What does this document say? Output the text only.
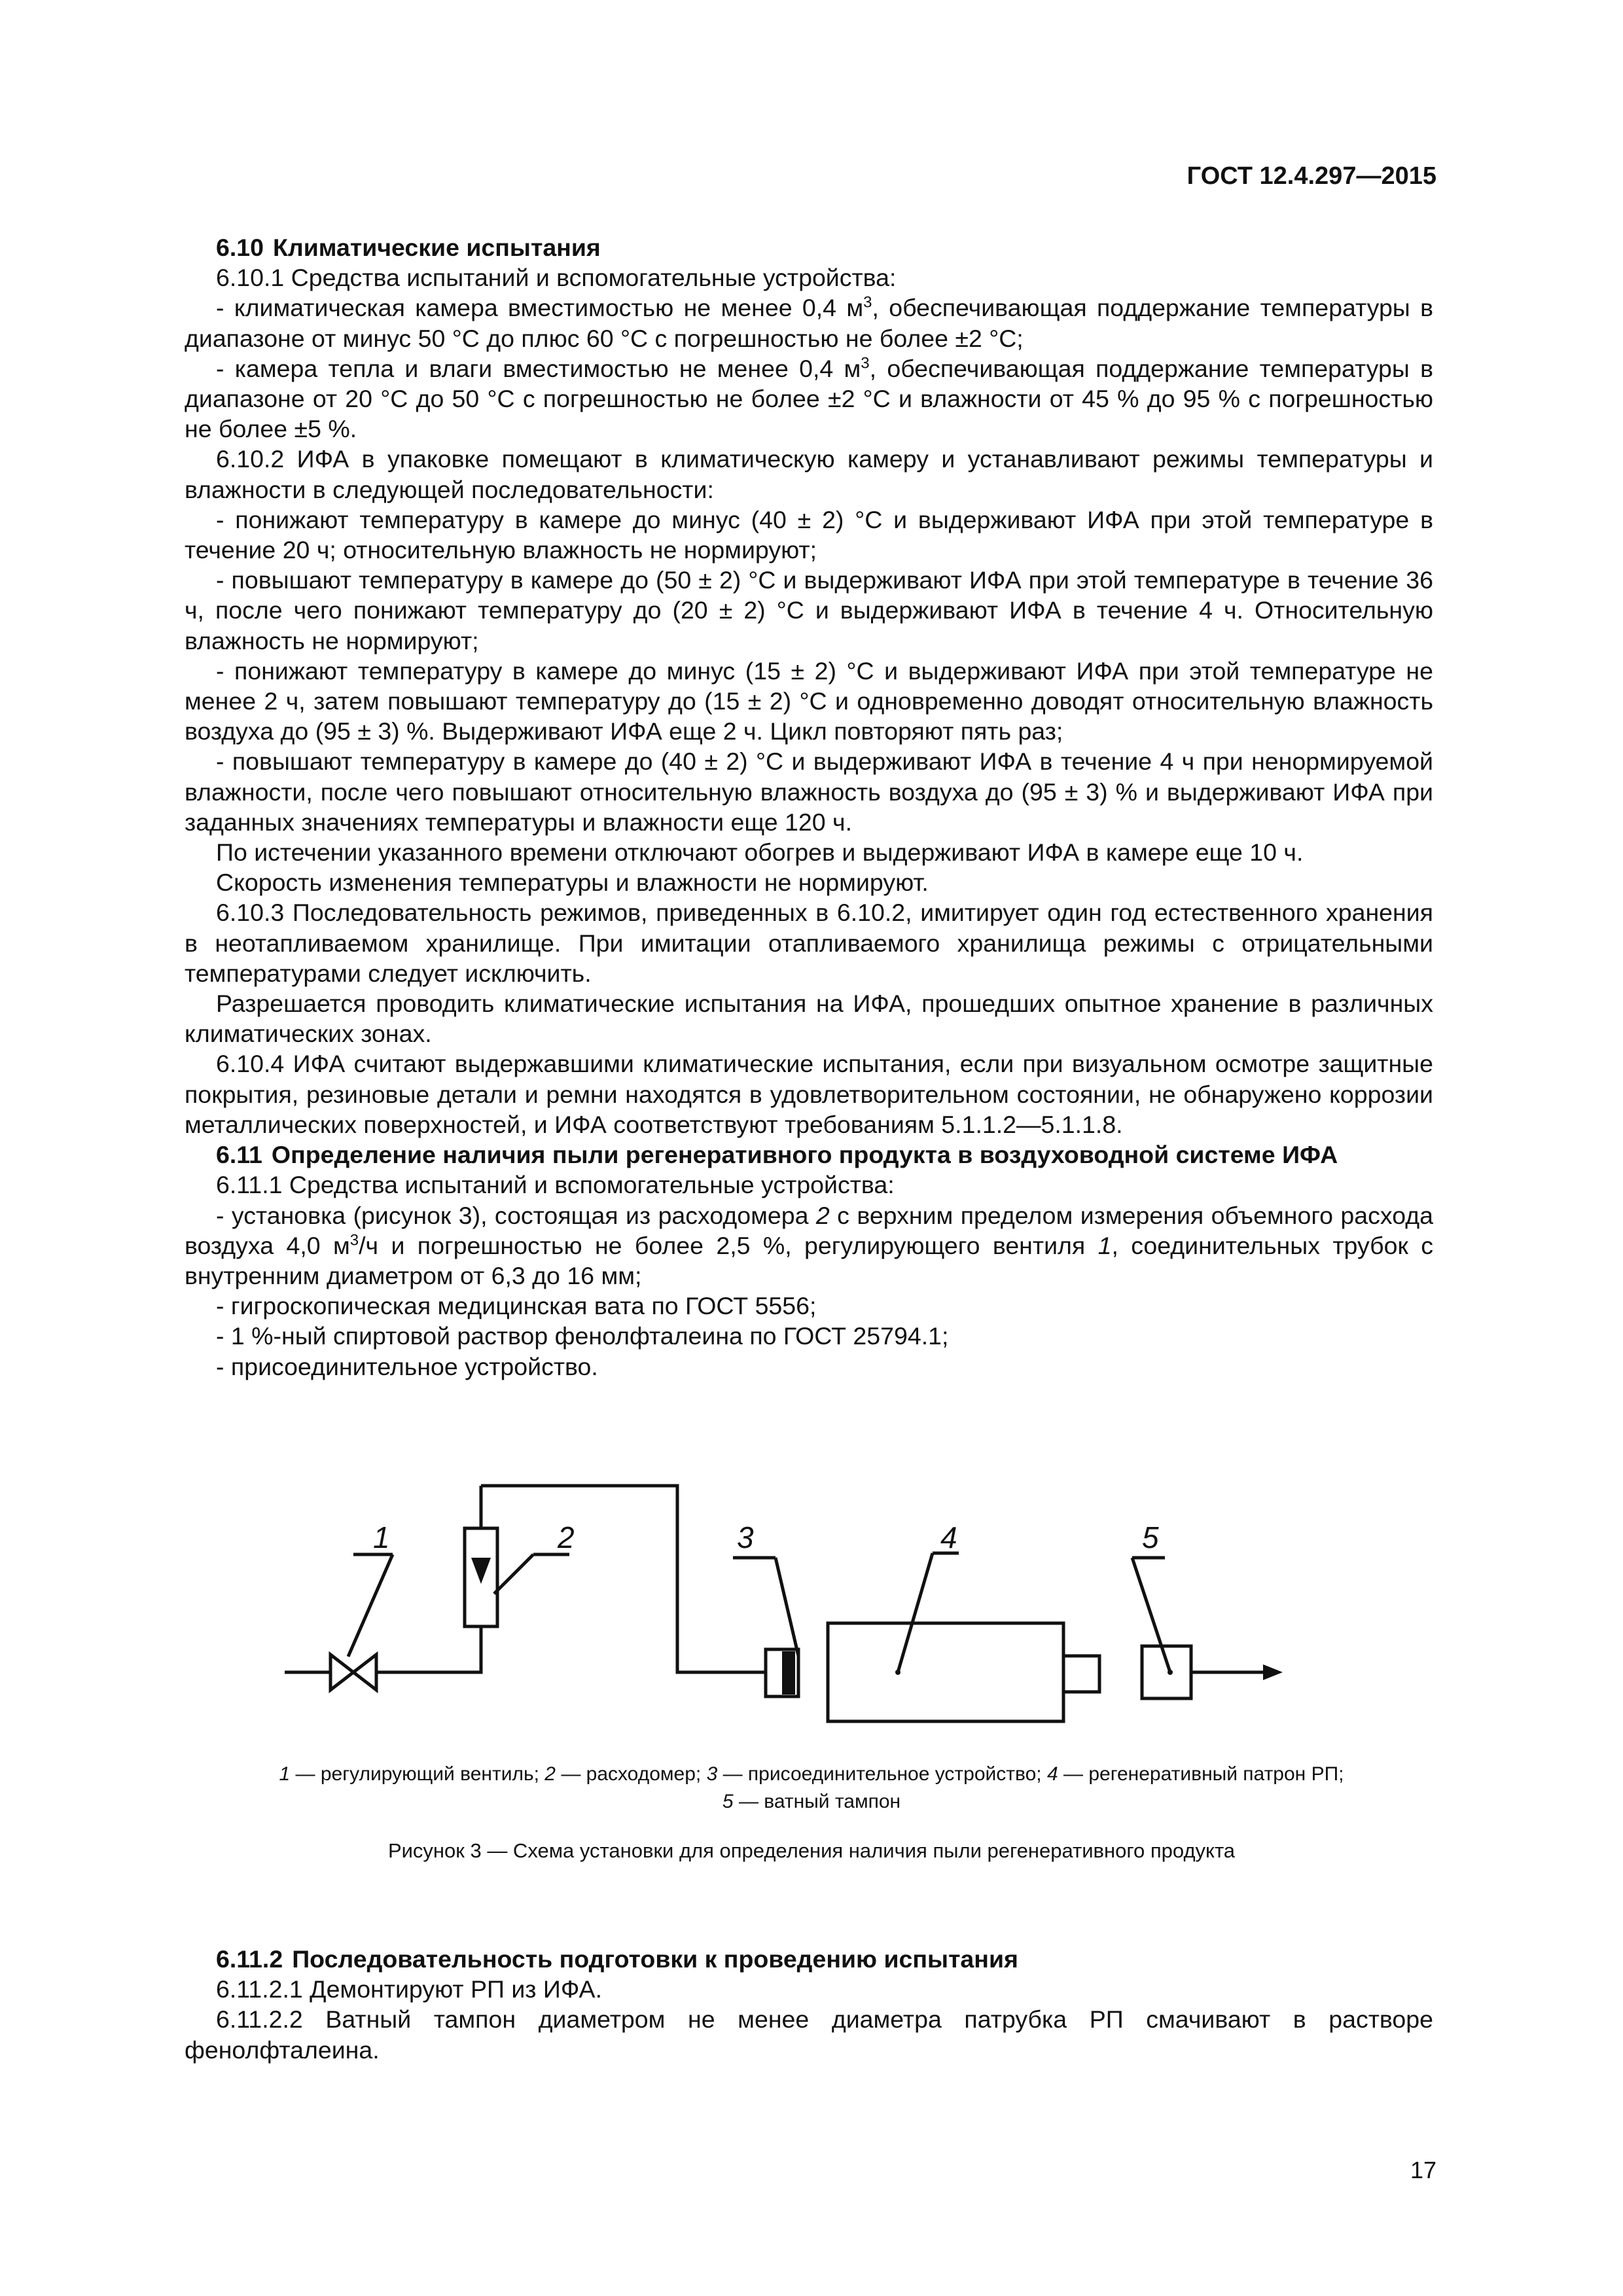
ГОСТ 12.4.297—2015

6.10 Климатические испытания

6.10.1 Средства испытаний и вспомогательные устройства:

- климатическая камера вместимостью не менее 0,4 $м^3$, обеспечивающая поддержание температуры в диапазоне от минус 50 °С до плюс 60 °С с погрешностью не более ±2 °С;

- камера тепла и влаги вместимостью не менее 0,4 $м^3$, обеспечивающая поддержание температуры в диапазоне от 20 °С до 50 °С с погрешностью не более ±2 °С и влажности от 45 % до 95 % с погрешностью не более ±5 %.

6.10.2 ИФА в упаковке помещают в климатическую камеру и устанавливают режимы температуры и влажности в следующей последовательности:

- понижают температуру в камере до минус (40 ± 2) °С и выдерживают ИФА при этой температуре в течение 20 ч; относительную влажность не нормируют;

- повышают температуру в камере до (50 ± 2) °С и выдерживают ИФА при этой температуре в течение 36 ч, после чего понижают температуру до (20 ± 2) °С и выдерживают ИФА в течение 4 ч. Относительную влажность не нормируют;

- понижают температуру в камере до минус (15 ± 2) °С и выдерживают ИФА при этой температуре не менее 2 ч, затем повышают температуру до (15 ± 2) °С и одновременно доводят относительную влажность воздуха до (95 ± 3) %. Выдерживают ИФА еще 2 ч. Цикл повторяют пять раз;

- повышают температуру в камере до (40 ± 2) °С и выдерживают ИФА в течение 4 ч при ненормируемой влажности, после чего повышают относительную влажность воздуха до (95 ± 3) % и выдерживают ИФА при заданных значениях температуры и влажности еще 120 ч.

По истечении указанного времени отключают обогрев и выдерживают ИФА в камере еще 10 ч.

Скорость изменения температуры и влажности не нормируют.

6.10.3 Последовательность режимов, приведенных в 6.10.2, имитирует один год естественного хранения в неотапливаемом хранилище. При имитации отапливаемого хранилища режимы с отрицательными температурами следует исключить.

Разрешается проводить климатические испытания на ИФА, прошедших опытное хранение в различных климатических зонах.

6.10.4 ИФА считают выдержавшими климатические испытания, если при визуальном осмотре защитные покрытия, резиновые детали и ремни находятся в удовлетворительном состоянии, не обнаружено коррозии металлических поверхностей, и ИФА соответствуют требованиям 5.1.1.2—5.1.1.8.

6.11 Определение наличия пыли регенеративного продукта в воздуховодной системе ИФА

6.11.1 Средства испытаний и вспомогательные устройства:

- установка (рисунок 3), состоящая из расходомера 2 с верхним пределом измерения объемного расхода воздуха 4,0 $м^3/ч$ и погрешностью не более 2,5 %, регулирующего вентиля 1, соединительных трубок с внутренним диаметром от 6,3 до 16 мм;

- гигроскопическая медицинская вата по ГОСТ 5556;

- 1 %-ный спиртовой раствор фенолфталеина по ГОСТ 25794.1;

- присоединительное устройство.

1	2	3	4	5
1 — регулирующий вентиль; 2 — расходомер; 3 — присоединительное устройство; 4 — регенеративный патрон РП;
5 — ватный тампон
Рисунок 3 — Схема установки для определения наличия пыли регенеративного продукта

6.11.2 Последовательность подготовки к проведению испытания

6.11.2.1 Демонтируют РП из ИФА.

6.11.2.2 Ватный тампон диаметром не менее диаметра патрубка РП смачивают в растворе фенолфталеина.

17
